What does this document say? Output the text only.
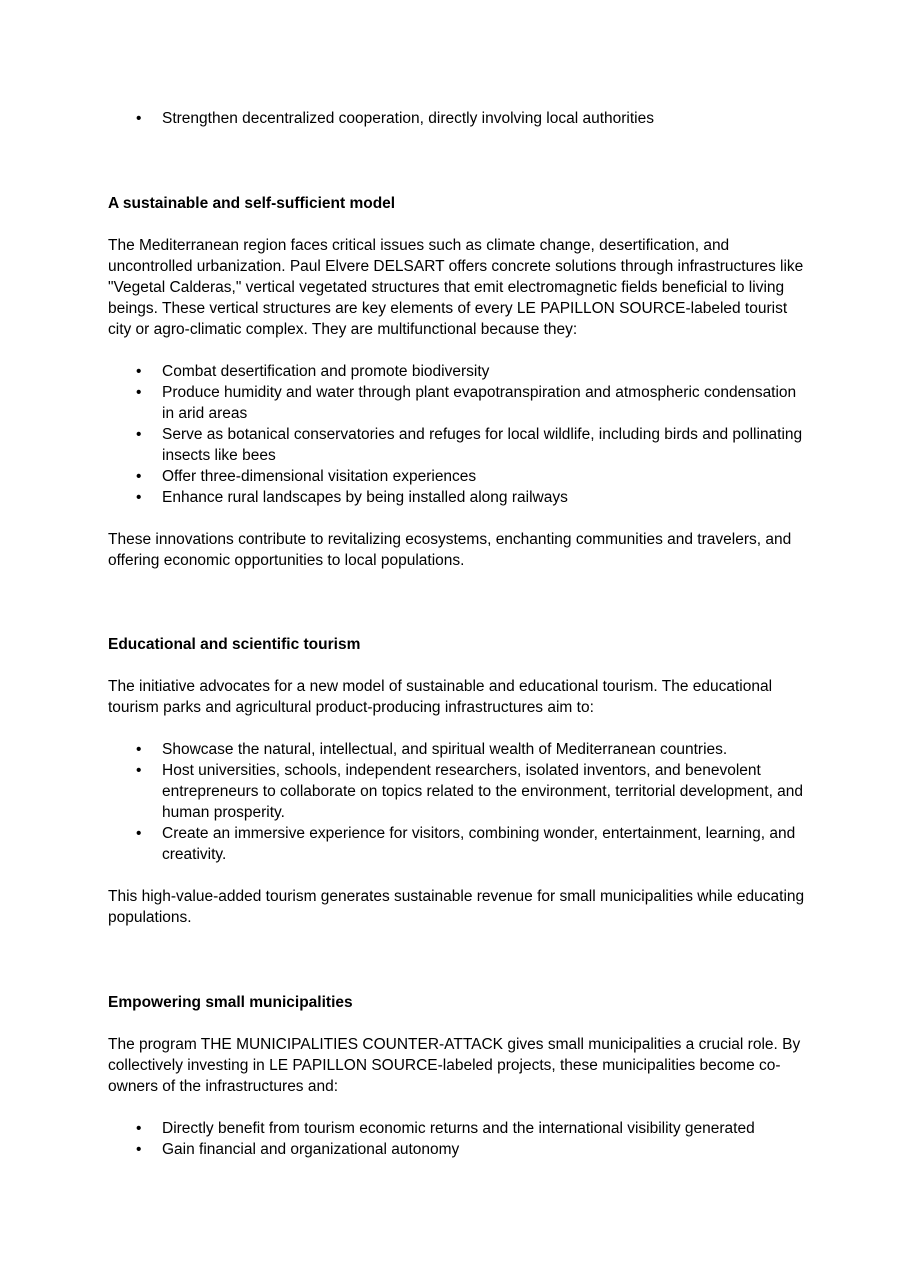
•	Strengthen decentralized cooperation, directly involving local authorities

A sustainable and self-sufficient model

The Mediterranean region faces critical issues such as climate change, desertification, and uncontrolled urbanization. Paul Elvere DELSART offers concrete solutions through infrastructures like "Vegetal Calderas," vertical vegetated structures that emit electromagnetic fields beneficial to living beings. These vertical structures are key elements of every LE PAPILLON SOURCE-labeled tourist city or agro-climatic complex. They are multifunctional because they:

•	Combat desertification and promote biodiversity
•	Produce humidity and water through plant evapotranspiration and atmospheric condensation in arid areas
•	Serve as botanical conservatories and refuges for local wildlife, including birds and pollinating insects like bees
•	Offer three-dimensional visitation experiences
•	Enhance rural landscapes by being installed along railways

These innovations contribute to revitalizing ecosystems, enchanting communities and travelers, and offering economic opportunities to local populations.

Educational and scientific tourism

The initiative advocates for a new model of sustainable and educational tourism. The educational tourism parks and agricultural product-producing infrastructures aim to:

•	Showcase the natural, intellectual, and spiritual wealth of Mediterranean countries.
•	Host universities, schools, independent researchers, isolated inventors, and benevolent entrepreneurs to collaborate on topics related to the environment, territorial development, and human prosperity.
•	Create an immersive experience for visitors, combining wonder, entertainment, learning, and creativity.

This high-value-added tourism generates sustainable revenue for small municipalities while educating populations.

Empowering small municipalities

The program THE MUNICIPALITIES COUNTER-ATTACK gives small municipalities a crucial role. By collectively investing in LE PAPILLON SOURCE-labeled projects, these municipalities become co-owners of the infrastructures and:

•	Directly benefit from tourism economic returns and the international visibility generated
•	Gain financial and organizational autonomy
